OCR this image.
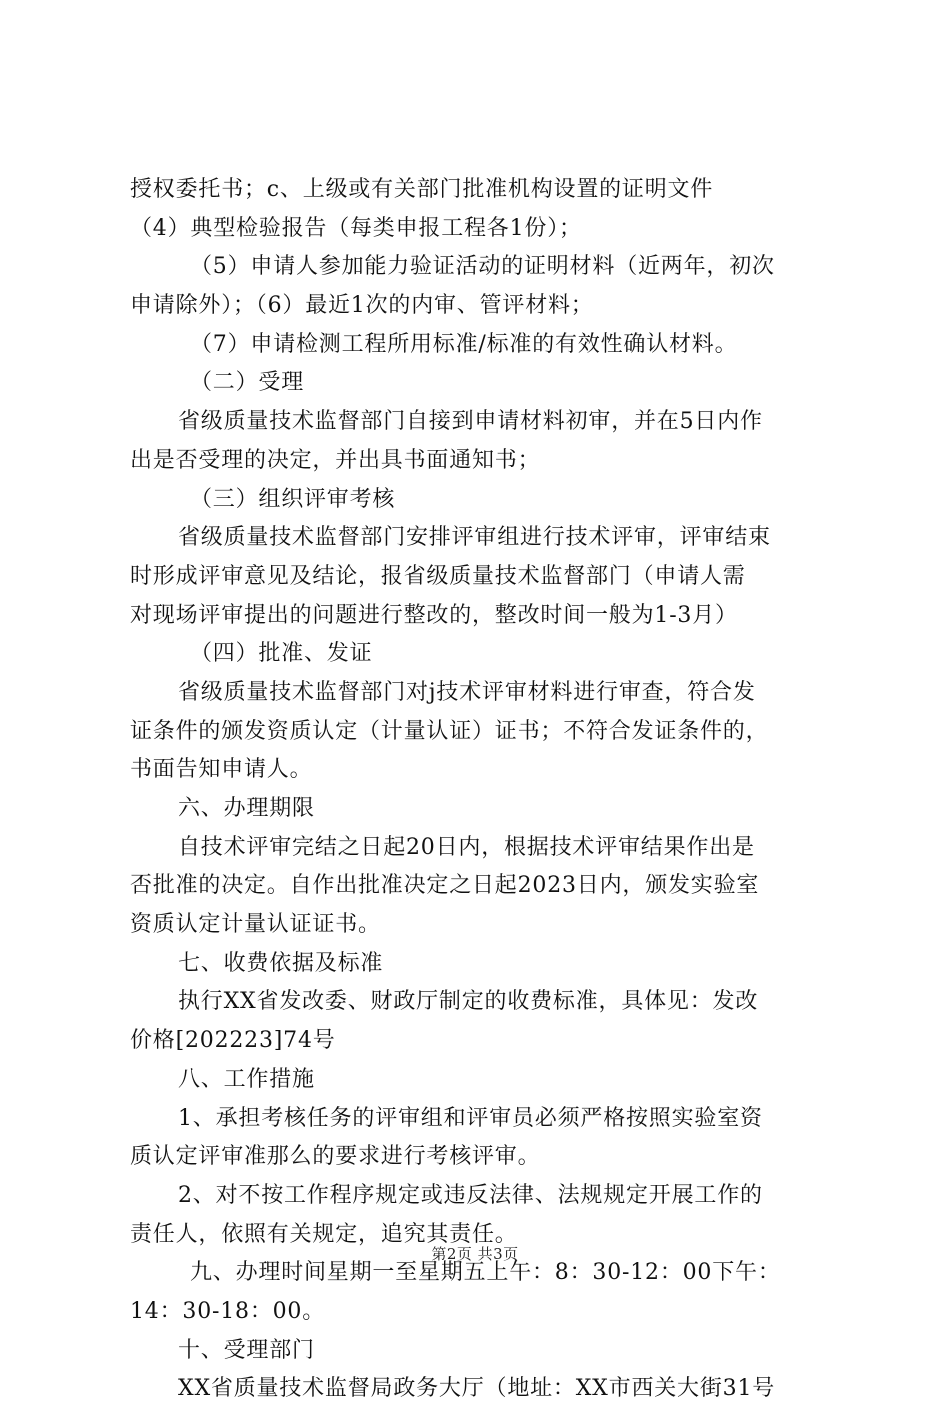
授权委托书；c、上级或有关部门批准机构设置的证明文件
（4）典型检验报告（每类申报工程各1份）；
（5）申请人参加能力验证活动的证明材料（近两年，初次
申请除外）；（6）最近1次的内审、管评材料；
（7）申请检测工程所用标准/标准的有效性确认材料。
（二）受理
省级质量技术监督部门自接到申请材料初审，并在5日内作
出是否受理的决定，并出具书面通知书；
（三）组织评审考核
省级质量技术监督部门安排评审组进行技术评审，评审结束
时形成评审意见及结论，报省级质量技术监督部门（申请人需
对现场评审提出的问题进行整改的，整改时间一般为1-3月）
（四）批准、发证
省级质量技术监督部门对j技术评审材料进行审查，符合发
证条件的颁发资质认定（计量认证）证书；不符合发证条件的，
书面告知申请人。
六、办理期限
自技术评审完结之日起20日内，根据技术评审结果作出是
否批准的决定。自作出批准决定之日起2023日内，颁发实验室
资质认定计量认证证书。
七、收费依据及标准
执行XX省发改委、财政厅制定的收费标准，具体见：发改
价格[202223]74号
八、工作措施
1、承担考核任务的评审组和评审员必须严格按照实验室资
质认定评审准那么的要求进行考核评审。
2、对不按工作程序规定或违反法律、法规规定开展工作的
责任人，依照有关规定，追究其责任。
九、办理时间星期一至星期五上午：8：30-12：00下午：
14：30-18：00。
十、受理部门
XX省质量技术监督局政务大厅（地址：XX市西关大街31号
第2页 共3页
